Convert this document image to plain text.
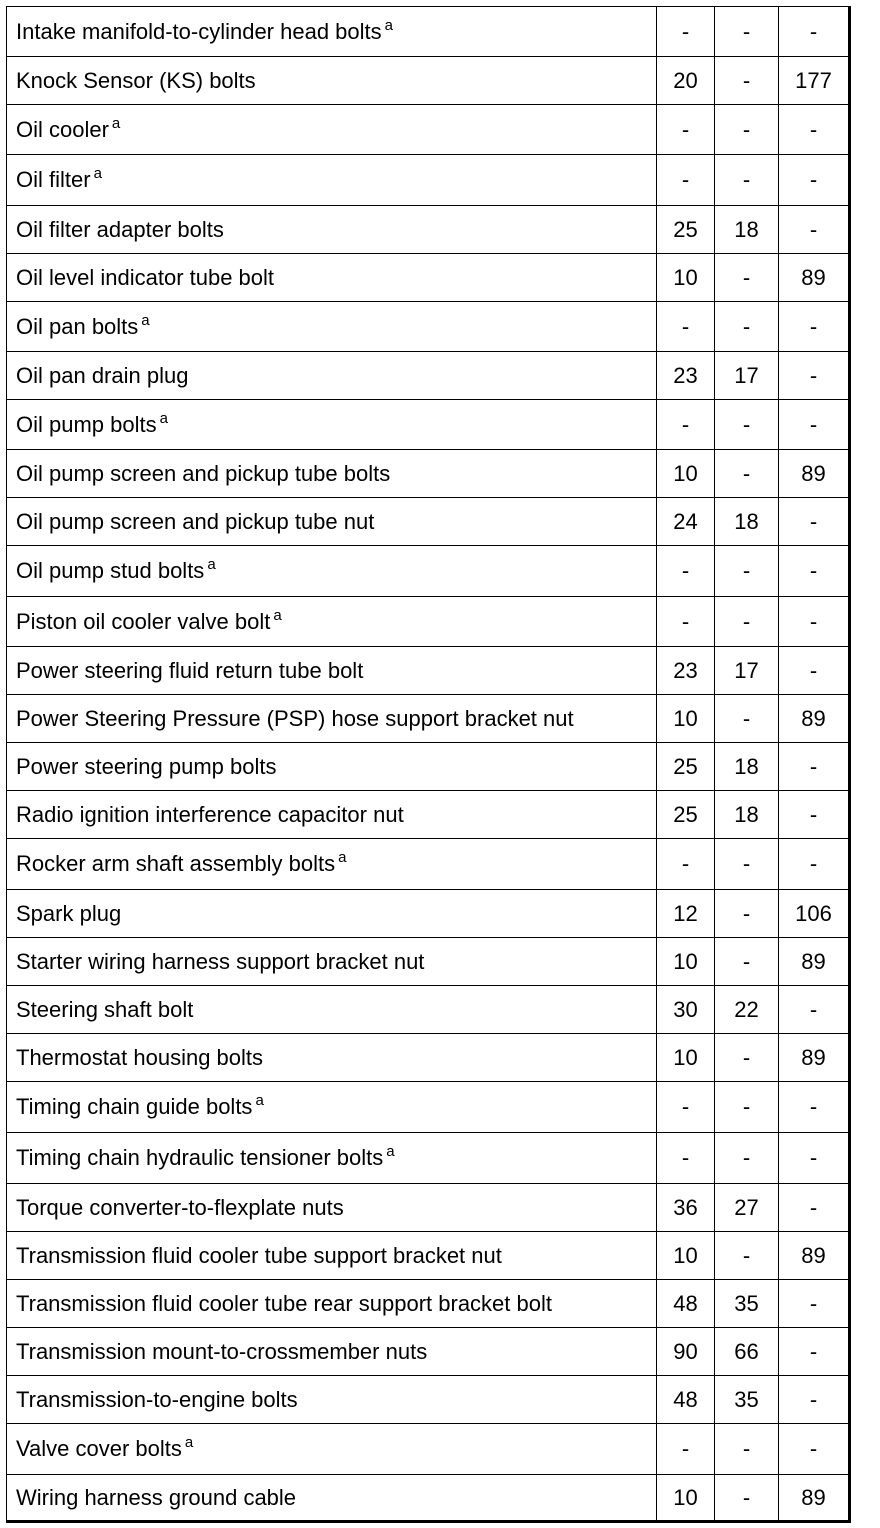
Intake manifold-to-cylinder head bolts $^a$	-	-	-
Knock Sensor (KS) bolts	20	-	177
Oil cooler $^a$	-	-	-
Oil filter $^a$	-	-	-
Oil filter adapter bolts	25	18	-
Oil level indicator tube bolt	10	-	89
Oil pan bolts $^a$	-	-	-
Oil pan drain plug	23	17	-
Oil pump bolts $^a$	-	-	-
Oil pump screen and pickup tube bolts	10	-	89
Oil pump screen and pickup tube nut	24	18	-
Oil pump stud bolts $^a$	-	-	-
Piston oil cooler valve bolt $^a$	-	-	-
Power steering fluid return tube bolt	23	17	-
Power Steering Pressure (PSP) hose support bracket nut	10	-	89
Power steering pump bolts	25	18	-
Radio ignition interference capacitor nut	25	18	-
Rocker arm shaft assembly bolts $^a$	-	-	-
Spark plug	12	-	106
Starter wiring harness support bracket nut	10	-	89
Steering shaft bolt	30	22	-
Thermostat housing bolts	10	-	89
Timing chain guide bolts $^a$	-	-	-
Timing chain hydraulic tensioner bolts $^a$	-	-	-
Torque converter-to-flexplate nuts	36	27	-
Transmission fluid cooler tube support bracket nut	10	-	89
Transmission fluid cooler tube rear support bracket bolt	48	35	-
Transmission mount-to-crossmember nuts	90	66	-
Transmission-to-engine bolts	48	35	-
Valve cover bolts $^a$	-	-	-
Wiring harness ground cable	10	-	89
